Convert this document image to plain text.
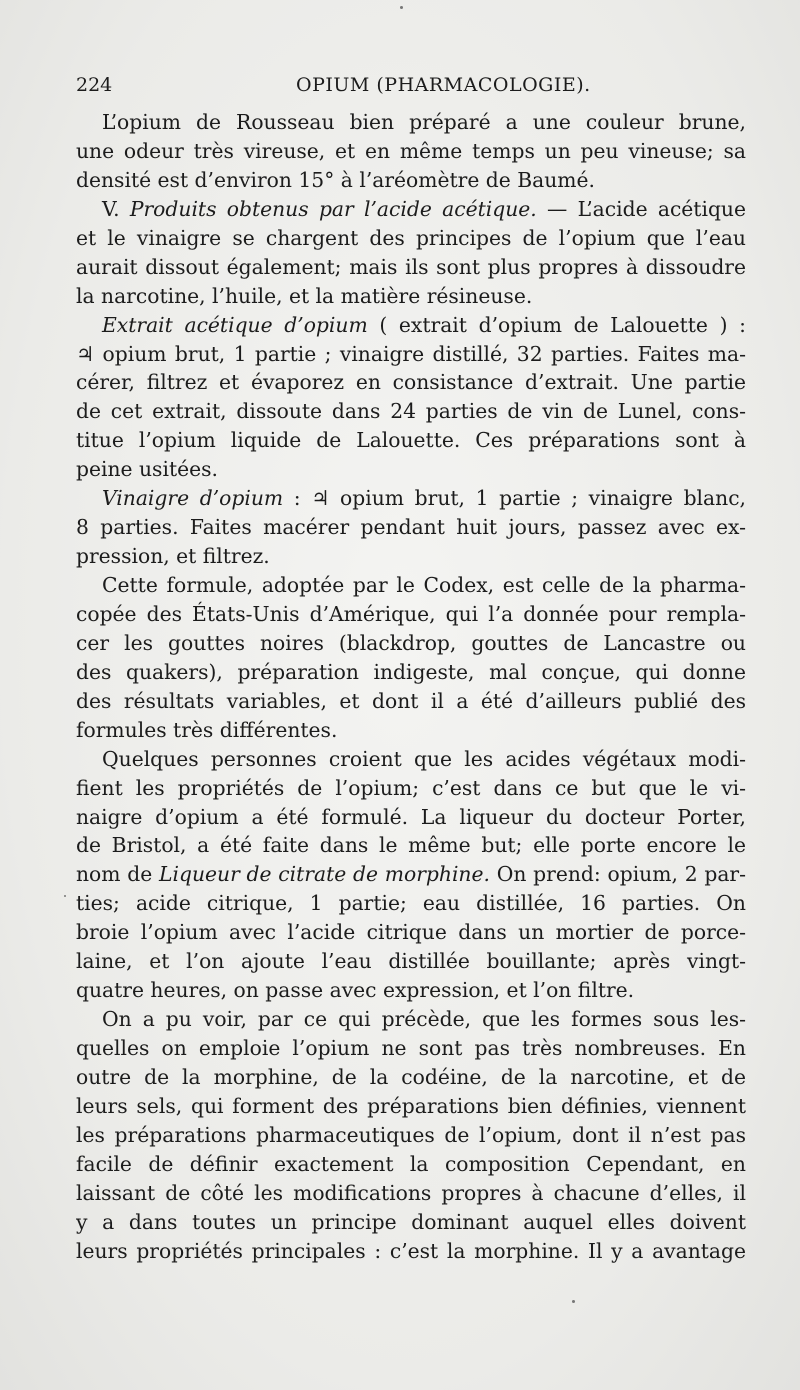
224	OPIUM (PHARMACOLOGIE).
L’opium de Rousseau bien préparé a une couleur brune,
une odeur très vireuse, et en même temps un peu vineuse; sa
densité est d’environ 15° à l’aréomètre de Baumé.
V. Produits obtenus par l’acide acétique. — L’acide acétique
et le vinaigre se chargent des principes de l’opium que l’eau
aurait dissout également; mais ils sont plus propres à dissoudre
la narcotine, l’huile, et la matière résineuse.
Extrait acétique d’opium ( extrait d’opium de Lalouette ) :
♃ opium brut, 1 partie ; vinaigre distillé, 32 parties. Faites ma-
cérer, filtrez et évaporez en consistance d’extrait. Une partie
de cet extrait, dissoute dans 24 parties de vin de Lunel, cons-
titue l’opium liquide de Lalouette. Ces préparations sont à
peine usitées.
Vinaigre d’opium : ♃ opium brut, 1 partie ; vinaigre blanc,
8 parties. Faites macérer pendant huit jours, passez avec ex-
pression, et filtrez.
Cette formule, adoptée par le Codex, est celle de la pharma-
copée des États-Unis d’Amérique, qui l’a donnée pour rempla-
cer les gouttes noires (blackdrop, gouttes de Lancastre ou
des quakers), préparation indigeste, mal conçue, qui donne
des résultats variables, et dont il a été d’ailleurs publié des
formules très différentes.
Quelques personnes croient que les acides végétaux modi-
fient les propriétés de l’opium; c’est dans ce but que le vi-
naigre d’opium a été formulé. La liqueur du docteur Porter,
de Bristol, a été faite dans le même but; elle porte encore le
nom de Liqueur de citrate de morphine. On prend: opium, 2 par-
ties; acide citrique, 1 partie; eau distillée, 16 parties. On
broie l’opium avec l’acide citrique dans un mortier de porce-
laine, et l’on ajoute l’eau distillée bouillante; après vingt-
quatre heures, on passe avec expression, et l’on filtre.
On a pu voir, par ce qui précède, que les formes sous les-
quelles on emploie l’opium ne sont pas très nombreuses. En
outre de la morphine, de la codéine, de la narcotine, et de
leurs sels, qui forment des préparations bien définies, viennent
les préparations pharmaceutiques de l’opium, dont il n’est pas
facile de définir exactement la composition Cependant, en
laissant de côté les modifications propres à chacune d’elles, il
y a dans toutes un principe dominant auquel elles doivent
leurs propriétés principales : c’est la morphine. Il y a avantage
